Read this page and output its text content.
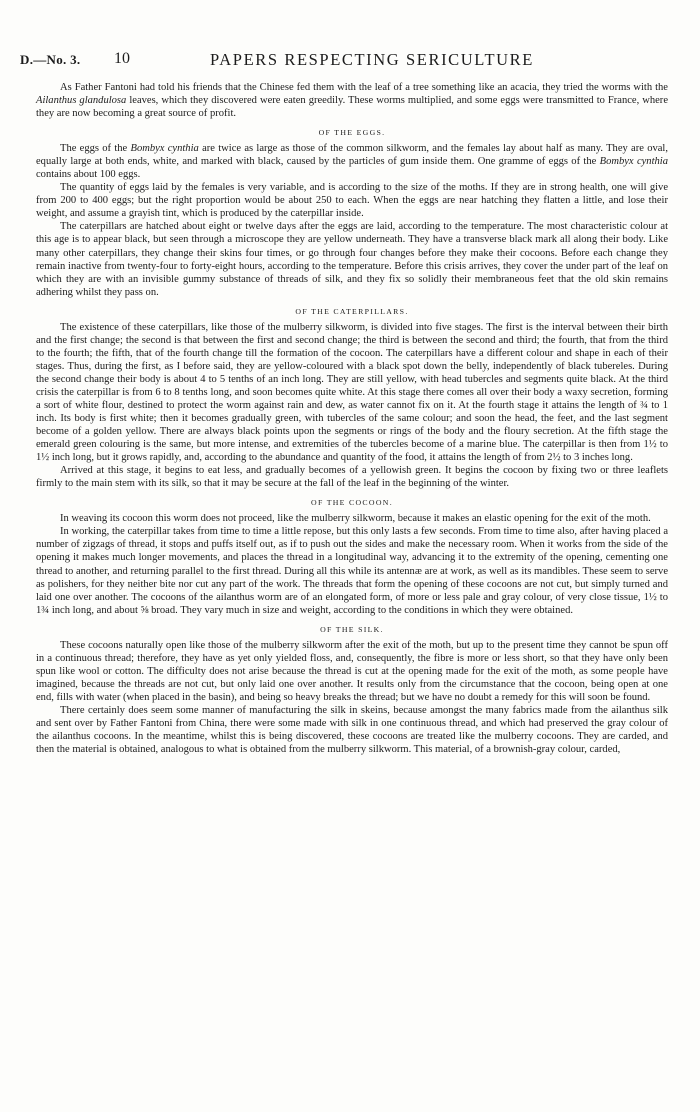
D.—No. 3. 10	PAPERS RESPECTING SERICULTURE

As Father Fantoni had told his friends that the Chinese fed them with the leaf of a tree something like an acacia, they tried the worms with the Ailanthus glandulosa leaves, which they discovered were eaten greedily. These worms multiplied, and some eggs were transmitted to France, where they are now becoming a great source of profit.

OF THE EGGS.

The eggs of the Bombyx cynthia are twice as large as those of the common silkworm, and the females lay about half as many. They are oval, equally large at both ends, white, and marked with black, caused by the particles of gum inside them. One gramme of eggs of the Bombyx cynthia contains about 100 eggs.

The quantity of eggs laid by the females is very variable, and is according to the size of the moths. If they are in strong health, one will give from 200 to 400 eggs; but the right proportion would be about 250 to each. When the eggs are near hatching they flatten a little, and lose their weight, and assume a grayish tint, which is produced by the caterpillar inside.

The caterpillars are hatched about eight or twelve days after the eggs are laid, according to the temperature. The most characteristic colour at this age is to appear black, but seen through a microscope they are yellow underneath. They have a transverse black mark all along their body. Like many other caterpillars, they change their skins four times, or go through four changes before they make their cocoons. Before each change they remain inactive from twenty-four to forty-eight hours, according to the temperature. Before this crisis arrives, they cover the under part of the leaf on which they are with an invisible gummy substance of threads of silk, and they fix so solidly their membraneous feet that the old skin remains adhering whilst they pass on.

OF THE CATERPILLARS.

The existence of these caterpillars, like those of the mulberry silkworm, is divided into five stages. The first is the interval between their birth and the first change; the second is that between the first and second change; the third is between the second and third; the fourth, that from the third to the fourth; the fifth, that of the fourth change till the formation of the cocoon. The caterpillars have a different colour and shape in each of their stages. Thus, during the first, as I before said, they are yellow-coloured with a black spot down the belly, independently of black tubereles. During the second change their body is about 4 to 5 tenths of an inch long. They are still yellow, with head tubercles and segments quite black. At the third crisis the caterpillar is from 6 to 8 tenths long, and soon becomes quite white. At this stage there comes all over their body a waxy secretion, forming a sort of white flour, destined to protect the worm against rain and dew, as water cannot fix on it. At the fourth stage it attains the length of ¾ to 1 inch. Its body is first white; then it becomes gradually green, with tubercles of the same colour; and soon the head, the feet, and the last segment become of a golden yellow. There are always black points upon the segments or rings of the body and the floury secretion. At the fifth stage the emerald green colouring is the same, but more intense, and extremities of the tubercles become of a marine blue. The caterpillar is then from 1½ to 1½ inch long, but it grows rapidly, and, according to the abundance and quantity of the food, it attains the length of from 2½ to 3 inches long.

Arrived at this stage, it begins to eat less, and gradually becomes of a yellowish green. It begins the cocoon by fixing two or three leaflets firmly to the main stem with its silk, so that it may be secure at the fall of the leaf in the beginning of the winter.

OF THE COCOON.

In weaving its cocoon this worm does not proceed, like the mulberry silkworm, because it makes an elastic opening for the exit of the moth.

In working, the caterpillar takes from time to time a little repose, but this only lasts a few seconds. From time to time also, after having placed a number of zigzags of thread, it stops and puffs itself out, as if to push out the sides and make the necessary room. When it works from the side of the opening it makes much longer movements, and places the thread in a longitudinal way, advancing it to the extremity of the opening, cementing one thread to another, and returning parallel to the first thread. During all this while its antennæ are at work, as well as its mandibles. These seem to serve as polishers, for they neither bite nor cut any part of the work. The threads that form the opening of these cocoons are not cut, but simply turned and laid one over another. The cocoons of the ailanthus worm are of an elongated form, of more or less pale and gray colour, of very close tissue, 1½ to 1¾ inch long, and about ⅝ broad. They vary much in size and weight, according to the conditions in which they were obtained.

OF THE SILK.

These cocoons naturally open like those of the mulberry silkworm after the exit of the moth, but up to the present time they cannot be spun off in a continuous thread; therefore, they have as yet only yielded floss, and, consequently, the fibre is more or less short, so that they have only been spun like wool or cotton. The difficulty does not arise because the thread is cut at the opening made for the exit of the moth, as some people have imagined, because the threads are not cut, but only laid one over another. It results only from the circumstance that the cocoon, being open at one end, fills with water (when placed in the basin), and being so heavy breaks the thread; but we have no doubt a remedy for this will soon be found.

There certainly does seem some manner of manufacturing the silk in skeins, because amongst the many fabrics made from the ailanthus silk and sent over by Father Fantoni from China, there were some made with silk in one continuous thread, and which had preserved the gray colour of the ailanthus cocoons. In the meantime, whilst this is being discovered, these cocoons are treated like the mulberry cocoons. They are carded, and then the material is obtained, analogous to what is obtained from the mulberry silkworm. This material, of a brownish-gray colour, carded,
